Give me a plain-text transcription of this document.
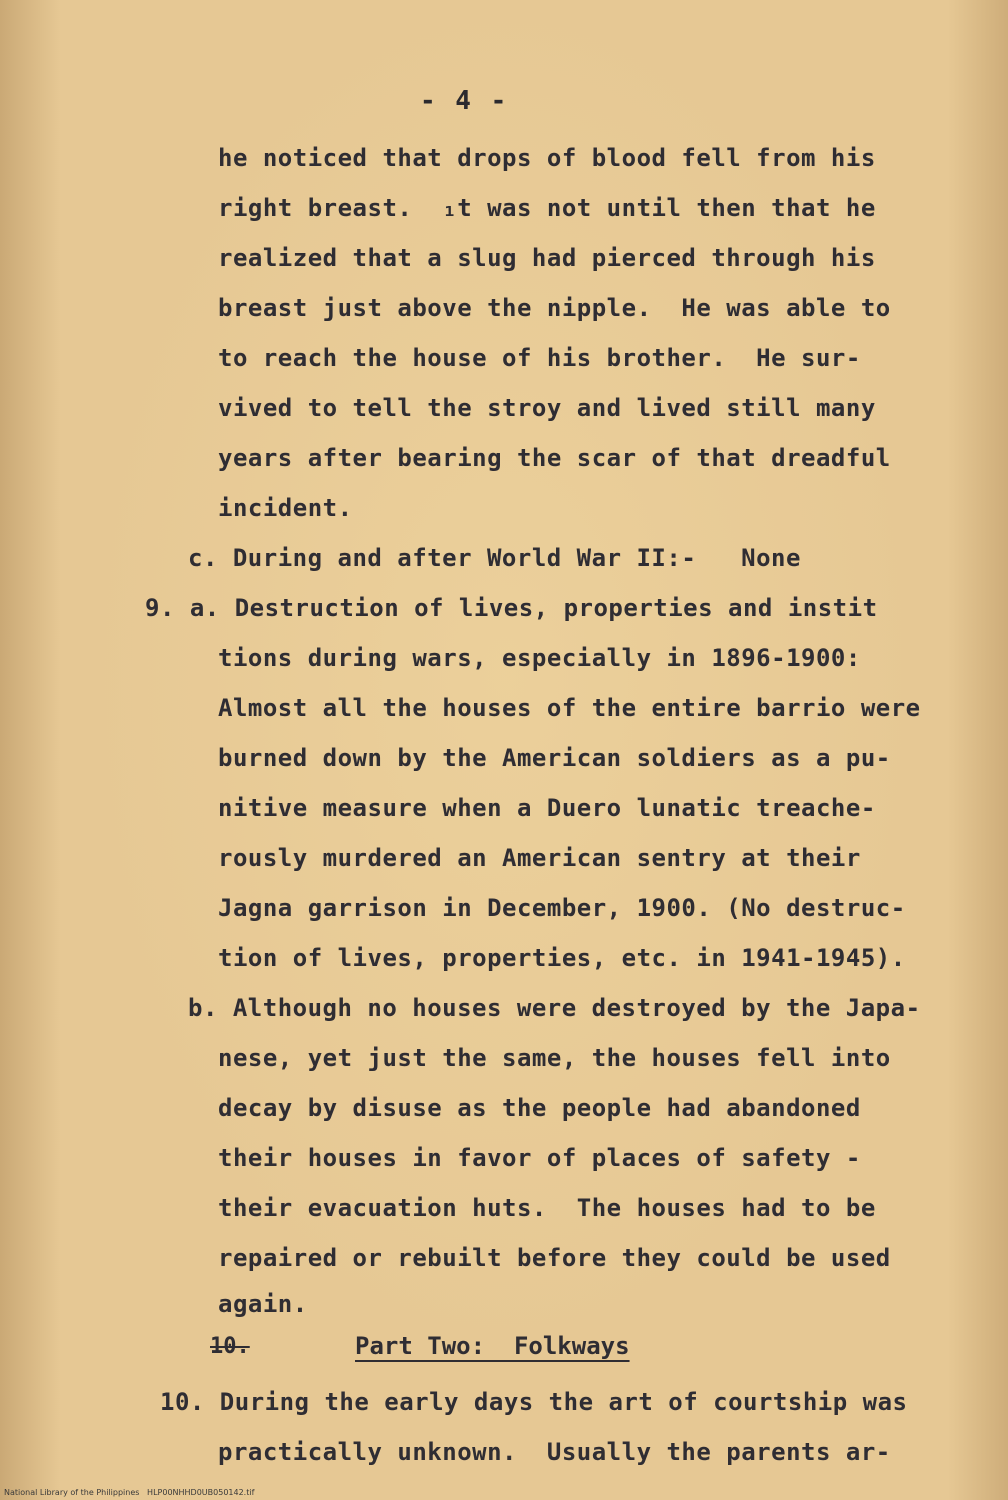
- 4 -
he noticed that drops of blood fell from his
right breast.  ₁t was not until then that he
realized that a slug had pierced through his
breast just above the nipple.  He was able to
to reach the house of his brother.  He sur-
vived to tell the stroy and lived still many
years after bearing the scar of that dreadful
incident.
c. During and after World War II:-   None
9. a. Destruction of lives, properties and instit
tions during wars, especially in 1896-1900:
Almost all the houses of the entire barrio were
burned down by the American soldiers as a pu-
nitive measure when a Duero lunatic treache-
rously murdered an American sentry at their
Jagna garrison in December, 1900. (No destruc-
tion of lives, properties, etc. in 1941-1945).
b. Although no houses were destroyed by the Japa-
nese, yet just the same, the houses fell into
decay by disuse as the people had abandoned
their houses in favor of places of safety -
their evacuation huts.  The houses had to be
repaired or rebuilt before they could be used
again.
10.	Part Two:  Folkways
10. During the early days the art of courtship was
practically unknown.  Usually the parents ar-
National Library of the Philippines   HLP00NHHD0UB050142.tif
